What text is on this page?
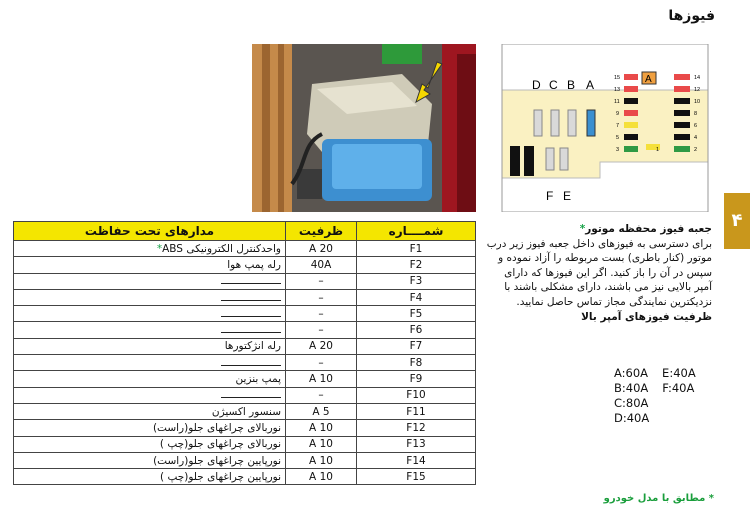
فیوزها
D C B A
F E
A
15
13
11
9
7
5
3	1
14
12
10
8
6
4
2
۴
شمــــاره	ظرفیت	مدارهای تحت حفاظت
F1	20 A	واحدکنترل الکترونیکی ABS*
F2	40A	رله پمپ هوا
F3	–	
F4	–	
F5	–	
F6	–	
F7	20 A	رله انژکتورها
F8	–	
F9	10 A	پمپ بنزین
F10	–	
F11	5 A	سنسور اکسیژن
F12	10 A	نوربالای چراغهای جلو(راست)
F13	10 A	نوربالای چراغهای جلو(چپ )
F14	10 A	نورپایین چراغهای جلو(راست)
F15	10 A	نورپایین چراغهای جلو(چپ )
جعبه فیوز محفظه موتور*
برای دسترسی به فیوزهای داخل جعبه فیوز زیر درب موتور (کنار باطری) بست مربوطه را آزاد نموده و سپس در آن را باز کنید. اگر این فیوزها که دارای آمپر بالایی نیز می باشند، دارای مشکلی باشند با نزدیکترین نمایندگی مجاز تماس حاصل نمایید.
ظرفیت فیوزهای آمپر بالا
A:60A E:40A
B:40A F:40A
C:80A
D:40A
* مطابق با مدل خودرو
